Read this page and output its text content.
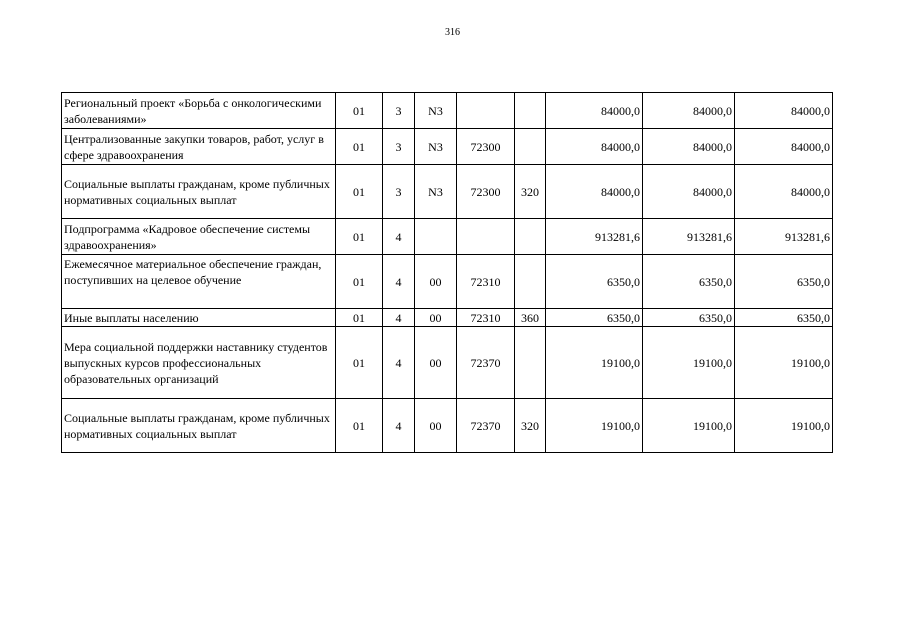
316
Региональный проект «Борьба с онкологическими заболеваниями»	01	3	N3			84000,0	84000,0	84000,0
Централизованные закупки товаров, работ, услуг в сфере здравоохранения	01	3	N3	72300		84000,0	84000,0	84000,0
Социальные выплаты гражданам, кроме публичных нормативных социальных выплат	01	3	N3	72300	320	84000,0	84000,0	84000,0
Подпрограмма «Кадровое обеспечение системы здравоохранения»	01	4				913281,6	913281,6	913281,6
Ежемесячное материальное обеспечение граждан, поступивших на целевое обучение	01	4	00	72310		6350,0	6350,0	6350,0
Иные выплаты населению	01	4	00	72310	360	6350,0	6350,0	6350,0
Мера социальной поддержки наставнику студентов выпускных курсов профессиональных образовательных организаций	01	4	00	72370		19100,0	19100,0	19100,0
Социальные выплаты гражданам, кроме публичных нормативных социальных выплат	01	4	00	72370	320	19100,0	19100,0	19100,0
